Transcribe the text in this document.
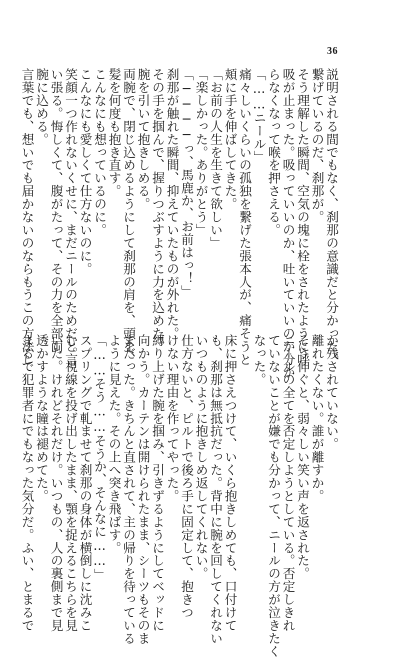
36
説明される間でもなく、刹那の意識だと分かった。
繋げているのだ、刹那が。
そう理解した瞬間、空気の塊に栓をされたように呼
吸が止まった。吸っていいのか、吐いていいのか分か
らなくなって喉を押さえる。
「……ニール」
痛々しいくらいの孤独を繋げた張本人が、痛そうと
頬に手を伸ばしてきた。
「お前の人生を生きて欲しい」
「楽しかった。ありがとう」
「────っ、馬鹿か、お前はっ！」
刹那が触れた瞬間、抑えていたものが外れた。
その手を掴んで、握りつぶすように力を込めた。
腕を引いて抱きしめる。
両腕で、閉じ込めるようにして刹那の肩を、頭を、
髪を何度も抱き直す。
こんなにも想っているのに。
こんなにも愛しくて仕方ないのに。
笑顔一つ作れないくせに、まだニールのためだと言
い張る。悔しくて、腹がたって、その力を全部両
腕に込める。
言葉でも、想いでも届かないのならもうこの方法し
か残されていない。
離れたくない。誰が離すか。
そう伸ぐと、弱々しい笑い声を返された。
ニールの全てを否定しようとしている。否定しきれ
ていないことが嫌でも分かって、ニールの方が泣きたく
なった。

床に押さえつけて、いくら抱きしめても、口付けて
も、刹那は無抵抗だった。背中に腕を回してくれない
いつものように抱きしめ返してくれない。
仕方ないと、ピルトで後ろ手に固定して、抱きつ
けない理由を作ってやった。
縛り上げた腕を掴み、引きずるようにしてベッドに
向かう。カーテンは開けられたまま、シーツもそのま
まだった。きちんと直されて、主の帰りを待っている
ように見えた。その上へ突き飛ばす。
「……そう……そうか、そんなに……」
スプリングで軋ませて刹那の身体が横倒しに沈みこ
む。視線を投げ出したまま、顎を捉えるこちらを見
いた。けれどそれだけ。いつもの、人の裏側まで見
透かすような瞳は褪めてた。
まるで犯罪者にでもなった気分だ。ふい、とまるで
